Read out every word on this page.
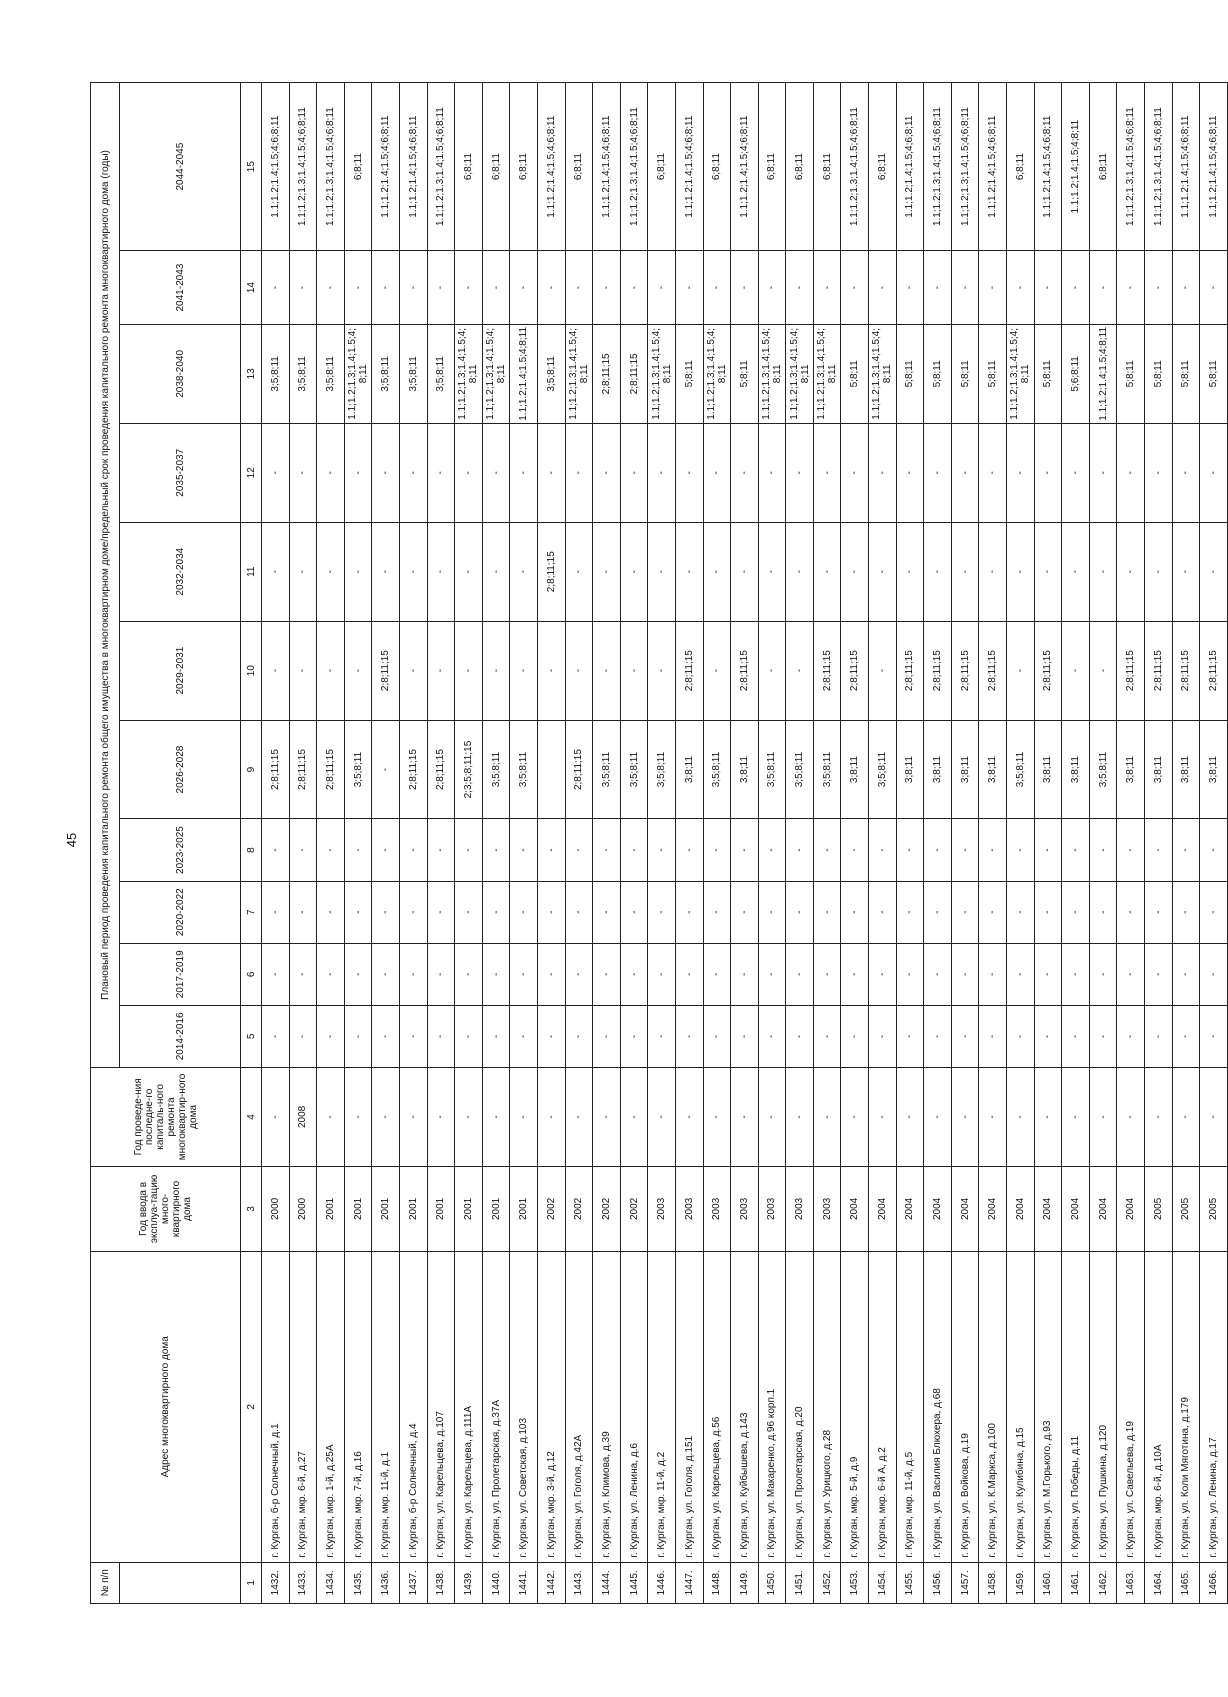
45
№ п/п	Адрес многоквартирного дома	Год ввода в эксплуа-тацию много-квартирного дома	Год проведе-ния последне-го капиталь-ного ремонта многоквартир-ного дома	Плановый период проведения капитального ремонта общего имущества в многоквартирном доме/предельный срок проведения капитального ремонта многоквартирного дома (годы)										
				2014-2016	2017-2019	2020-2022	2023-2025	2026-2028	2029-2031	2032-2034	2035-2037	2038-2040	2041-2043	2044-2045

1	2	3	4	5	6	7	8	9	10	11	12	13	14	15
1432.	г. Курган, б-р Солнечный, д.1	2000	-	-	-	-	-	2;8;11;15	-	-	-	3;5;8;11	-	1.1;1.2;1.4;1.5;4;6;8;11
1433.	г. Курган, мкр. 6-й, д.27	2000	2008	-	-	-	-	2;8;11;15	-	-	-	3;5;8;11	-	1.1;1.2;1.3;1.4;1.5;4;6;8;11
1434.	г. Курган, мкр. 1-й, д.25А	2001	-	-	-	-	-	2;8;11;15	-	-	-	3;5;8;11	-	1.1;1.2;1.3;1.4;1.5;4;6;8;11
1435.	г. Курган, мкр. 7-й, д.16	2001	-	-	-	-	-	3;5;8;11	-	-	-	1.1;1.2;1.3;1.4;1.5;4;8;11	-	6;8;11
1436.	г. Курган, мкр. 11-й, д.1	2001	-	-	-	-	-	-	2;8;11;15	-	-	3;5;8;11	-	1.1;1.2;1.4;1.5;4;6;8;11
1437.	г. Курган, б-р Солнечный, д.4	2001	-	-	-	-	-	2;8;11;15	-	-	-	3;5;8;11	-	1.1;1.2;1.4;1.5;4;6;8;11
1438.	г. Курган, ул. Карельцева, д.107	2001	-	-	-	-	-	2;8;11;15	-	-	-	3;5;8;11	-	1.1;1.2;1.3;1.4;1.5;4;6;8;11
1439.	г. Курган, ул. Карельцева, д.111А	2001	-	-	-	-	-	2;3;5;8;11;15	-	-	-	1.1;1.2;1.3;1.4;1.5;4;8;11	-	6;8;11
1440.	г. Курган, ул. Пролетарская, д.37А	2001	-	-	-	-	-	3;5;8;11	-	-	-	1.1;1.2;1.3;1.4;1.5;4;8;11	-	6;8;11
1441.	г. Курган, ул. Советская, д.103	2001	-	-	-	-	-	3;5;8;11	-	-	-	1.1;1.2;1.4;1.5;4;8;11	-	6;8;11
1442.	г. Курган, мкр. 3-й, д.12	2002	-	-	-	-	-		-	2;8;11;15	-	3;5;8;11	-	1.1;1.2;1.4;1.5;4;6;8;11
1443.	г. Курган, ул. Гоголя, д.42А	2002	-	-	-	-	-	2;8;11;15	-	-	-	1.1;1.2;1.3;1.4;1.5;4;8;11	-	6;8;11
1444.	г. Курган, ул. Климова, д.39	2002	-	-	-	-	-	3;5;8;11	-	-	-	2;8;11;15	-	1.1;1.2;1.4;1.5;4;6;8;11
1445.	г. Курган, ул. Ленина, д.6	2002	-	-	-	-	-	3;5;8;11	-	-	-	2;8;11;15	-	1.1;1.2;1.3;1.4;1.5;4;6;8;11
1446.	г. Курган, мкр. 11-й, д.2	2003	-	-	-	-	-	3;5;8;11	-	-	-	1.1;1.2;1.3;1.4;1.5;4;8;11	-	6;8;11
1447.	г. Курган, ул. Гоголя, д.151	2003	-	-	-	-	-	3;8;11	2;8;11;15	-	-	5;8;11	-	1.1;1.2;1.4;1.5;4;6;8;11
1448.	г. Курган, ул. Карельцева, д.56	2003	-	-	-	-	-	3;5;8;11	-	-	-	1.1;1.2;1.3;1.4;1.5;4;8;11	-	6;8;11
1449.	г. Курган, ул. Куйбышева, д.143	2003	-	-	-	-	-	3;8;11	2;8;11;15	-	-	5;8;11	-	1.1;1.2;1.4;1.5;4;6;8;11
1450.	г. Курган, ул. Макаренко, д.96 корп.1	2003	-	-	-	-	-	3;5;8;11	-	-	-	1.1;1.2;1.3;1.4;1.5;4;8;11	-	6;8;11
1451.	г. Курган, ул. Пролетарская, д.20	2003	-	-	-	-	-	3;5;8;11	-	-	-	1.1;1.2;1.3;1.4;1.5;4;8;11	-	6;8;11
1452.	г. Курган, ул. Урицкого, д.28	2003	-	-	-	-	-	3;5;8;11	2;8;11;15	-	-	1.1;1.2;1.3;1.4;1.5;4;8;11	-	6;8;11
1453.	г. Курган, мкр. 5-й, д.9	2004	-	-	-	-	-	3;8;11	2;8;11;15	-	-	5;8;11	-	1.1;1.2;1.3;1.4;1.5;4;6;8;11
1454.	г. Курган, мкр. 6-й А, д.2	2004	-	-	-	-	-	3;5;8;11	-	-	-	1.1;1.2;1.3;1.4;1.5;4;8;11	-	6;8;11
1455.	г. Курган, мкр. 11-й, д.5	2004	-	-	-	-	-	3;8;11	2;8;11;15	-	-	5;8;11	-	1.1;1.2;1.4;1.5;4;6;8;11
1456.	г. Курган, ул. Василия Блюхера, д.68	2004	-	-	-	-	-	3;8;11	2;8;11;15	-	-	5;8;11	-	1.1;1.2;1.3;1.4;1.5;4;6;8;11
1457.	г. Курган, ул. Войкова, д.19	2004	-	-	-	-	-	3;8;11	2;8;11;15	-	-	5;8;11	-	1.1;1.2;1.3;1.4;1.5;4;6;8;11
1458.	г. Курган, ул. К.Маркса, д.100	2004	-	-	-	-	-	3;8;11	2;8;11;15	-	-	5;8;11	-	1.1;1.2;1.4;1.5;4;6;8;11
1459.	г. Курган, ул. Кулибина, д.15	2004	-	-	-	-	-	3;5;8;11	-	-	-	1.1;1.2;1.3;1.4;1.5;4;8;11	-	6;8;11
1460.	г. Курган, ул. М.Горького, д.93	2004	-	-	-	-	-	3;8;11	2;8;11;15	-	-	5;8;11	-	1.1;1.2;1.4;1.5;4;6;8;11
1461.	г. Курган, ул. Победы, д.11	2004	-	-	-	-	-	3;8;11	-	-	-	5;6;8;11	-	1.1;1.2;1.4;1.5;4;8;11
1462.	г. Курган, ул. Пушкина, д.120	2004	-	-	-	-	-	3;5;8;11	-	-	-	1.1;1.2;1.4;1.5;4;8;11	-	6;8;11
1463.	г. Курган, ул. Савельева, д.19	2004	-	-	-	-	-	3;8;11	2;8;11;15	-	-	5;8;11	-	1.1;1.2;1.3;1.4;1.5;4;6;8;11
1464.	г. Курган, мкр. 6-й, д.10А	2005	-	-	-	-	-	3;8;11	2;8;11;15	-	-	5;8;11	-	1.1;1.2;1.3;1.4;1.5;4;6;8;11
1465.	г. Курган, ул. Коли Мяготина, д.179	2005	-	-	-	-	-	3;8;11	2;8;11;15	-	-	5;8;11	-	1.1;1.2;1.4;1.5;4;6;8;11
1466.	г. Курган, ул. Ленина, д.17	2005	-	-	-	-	-	3;8;11	2;8;11;15	-	-	5;8;11	-	1.1;1.2;1.4;1.5;4;6;8;11
